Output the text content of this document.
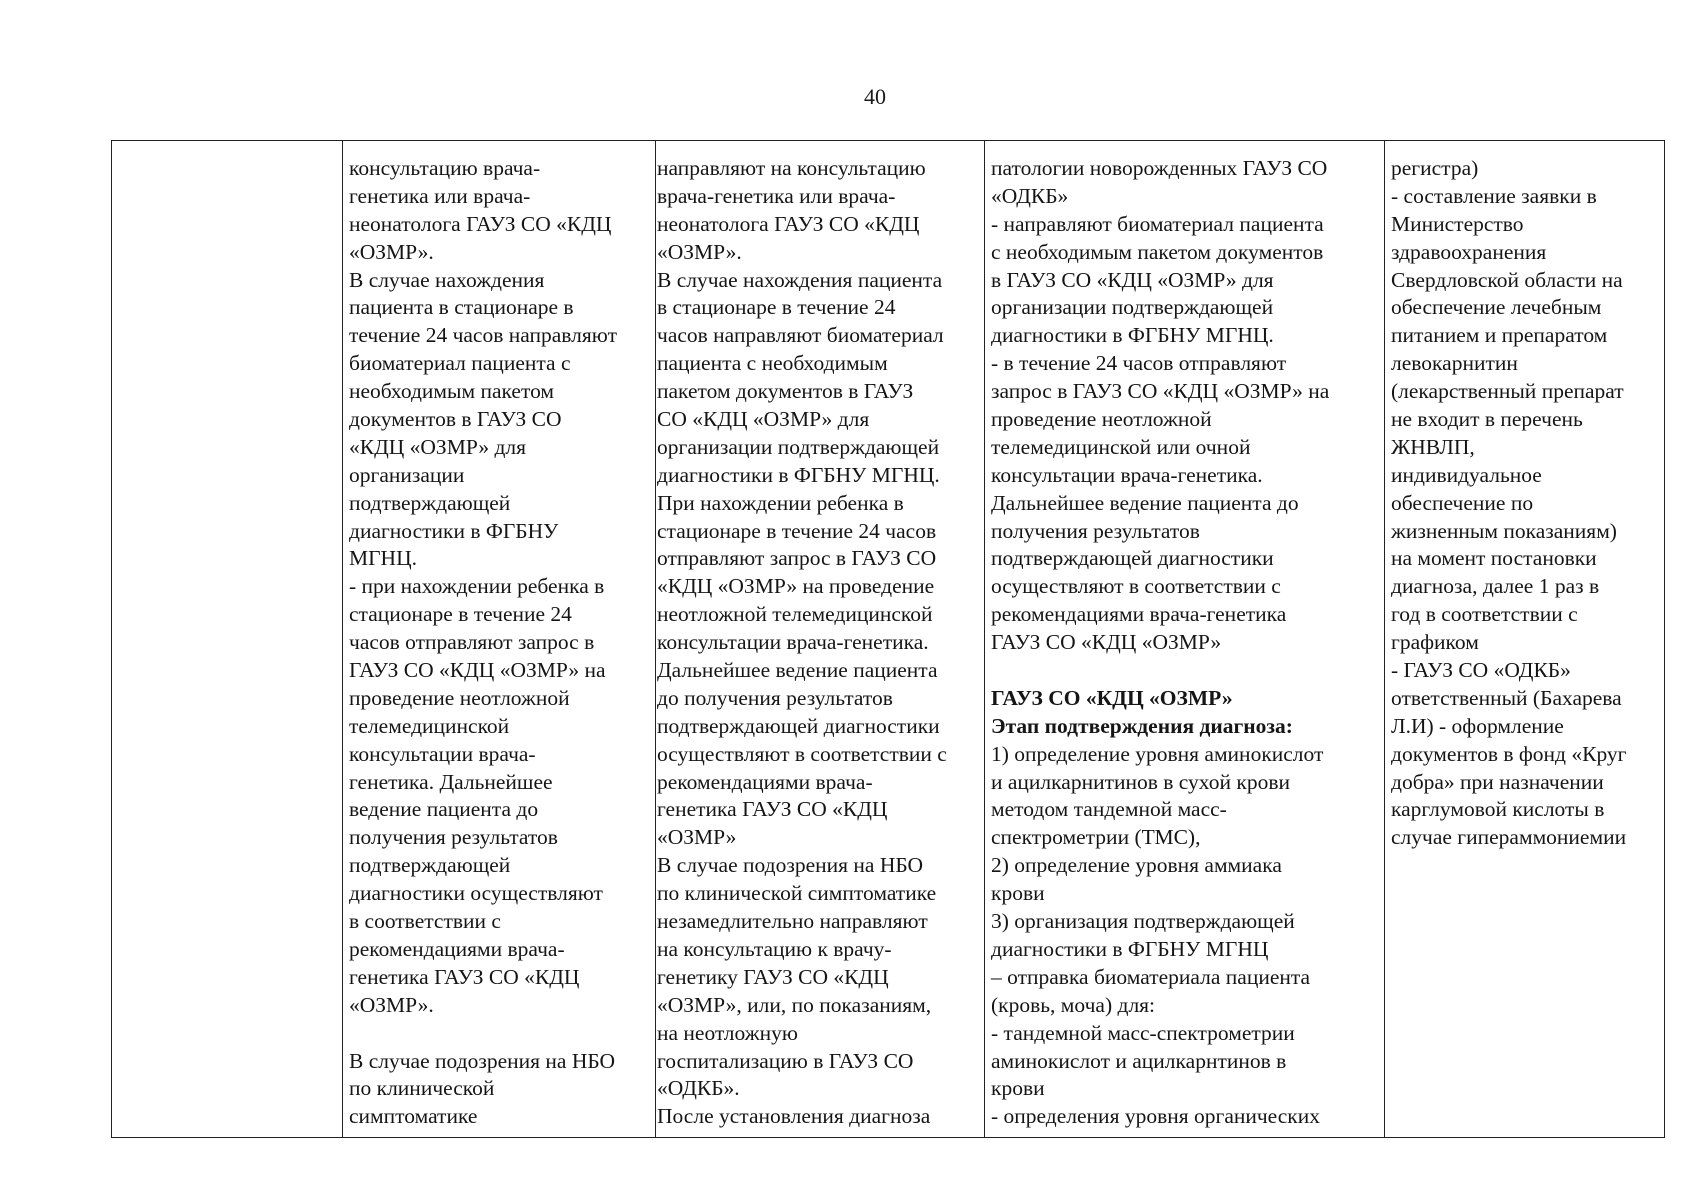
40
консультацию врача-
генетика или врача-
неонатолога ГАУЗ СО «КДЦ
«ОЗМР».
В случае нахождения
пациента в стационаре в
течение 24 часов направляют
биоматериал пациента с
необходимым пакетом
документов в ГАУЗ СО
«КДЦ «ОЗМР» для
организации
подтверждающей
диагностики в ФГБНУ
МГНЦ.
- при нахождении ребенка в
стационаре в течение 24
часов отправляют запрос в
ГАУЗ СО «КДЦ «ОЗМР» на
проведение неотложной
телемедицинской
консультации врача-
генетика. Дальнейшее
ведение пациента до
получения результатов
подтверждающей
диагностики осуществляют
в соответствии с
рекомендациями врача-
генетика ГАУЗ СО «КДЦ
«ОЗМР».
В случае подозрения на НБО
по клинической
симптоматике
направляют на консультацию
врача-генетика или врача-
неонатолога ГАУЗ СО «КДЦ
«ОЗМР».
В случае нахождения пациента
в стационаре в течение 24
часов направляют биоматериал
пациента с необходимым
пакетом документов в ГАУЗ
СО «КДЦ «ОЗМР» для
организации подтверждающей
диагностики в ФГБНУ МГНЦ.
При нахождении ребенка в
стационаре в течение 24 часов
отправляют запрос в ГАУЗ СО
«КДЦ «ОЗМР» на проведение
неотложной телемедицинской
консультации врача-генетика.
Дальнейшее ведение пациента
до получения результатов
подтверждающей диагностики
осуществляют в соответствии с
рекомендациями врача-
генетика ГАУЗ СО «КДЦ
«ОЗМР»
В случае подозрения на НБО
по клинической симптоматике
незамедлительно направляют
на консультацию к врачу-
генетику ГАУЗ СО «КДЦ
«ОЗМР», или, по показаниям,
на неотложную
госпитализацию в ГАУЗ СО
«ОДКБ».
После установления диагноза
патологии новорожденных ГАУЗ СО
«ОДКБ»
- направляют биоматериал пациента
с необходимым пакетом документов
в ГАУЗ СО «КДЦ «ОЗМР» для
организации подтверждающей
диагностики в ФГБНУ МГНЦ.
- в течение 24 часов отправляют
запрос в ГАУЗ СО «КДЦ «ОЗМР» на
проведение неотложной
телемедицинской или очной
консультации врача-генетика.
Дальнейшее ведение пациента до
получения результатов
подтверждающей диагностики
осуществляют в соответствии с
рекомендациями врача-генетика
ГАУЗ СО «КДЦ «ОЗМР»
ГАУЗ СО «КДЦ «ОЗМР»
Этап подтверждения диагноза:
1) определение уровня аминокислот
и ацилкарнитинов в сухой крови
методом тандемной масс-
спектрометрии (ТМС),
2) определение уровня аммиака
крови
3) организация подтверждающей
диагностики в ФГБНУ МГНЦ
– отправка биоматериала пациента
(кровь, моча) для:
- тандемной масс-спектрометрии
аминокислот и ацилкарнтинов в
крови
- определения уровня органических
регистра)
- составление заявки в
Министерство
здравоохранения
Свердловской области на
обеспечение лечебным
питанием и препаратом
левокарнитин
(лекарственный препарат
не входит в перечень
ЖНВЛП,
индивидуальное
обеспечение по
жизненным показаниям)
на момент постановки
диагноза, далее 1 раз в
год в соответствии с
графиком
- ГАУЗ СО «ОДКБ»
ответственный (Бахарева
Л.И) - оформление
документов в фонд «Круг
добра» при назначении
карглумовой кислоты в
случае гипераммониемии
